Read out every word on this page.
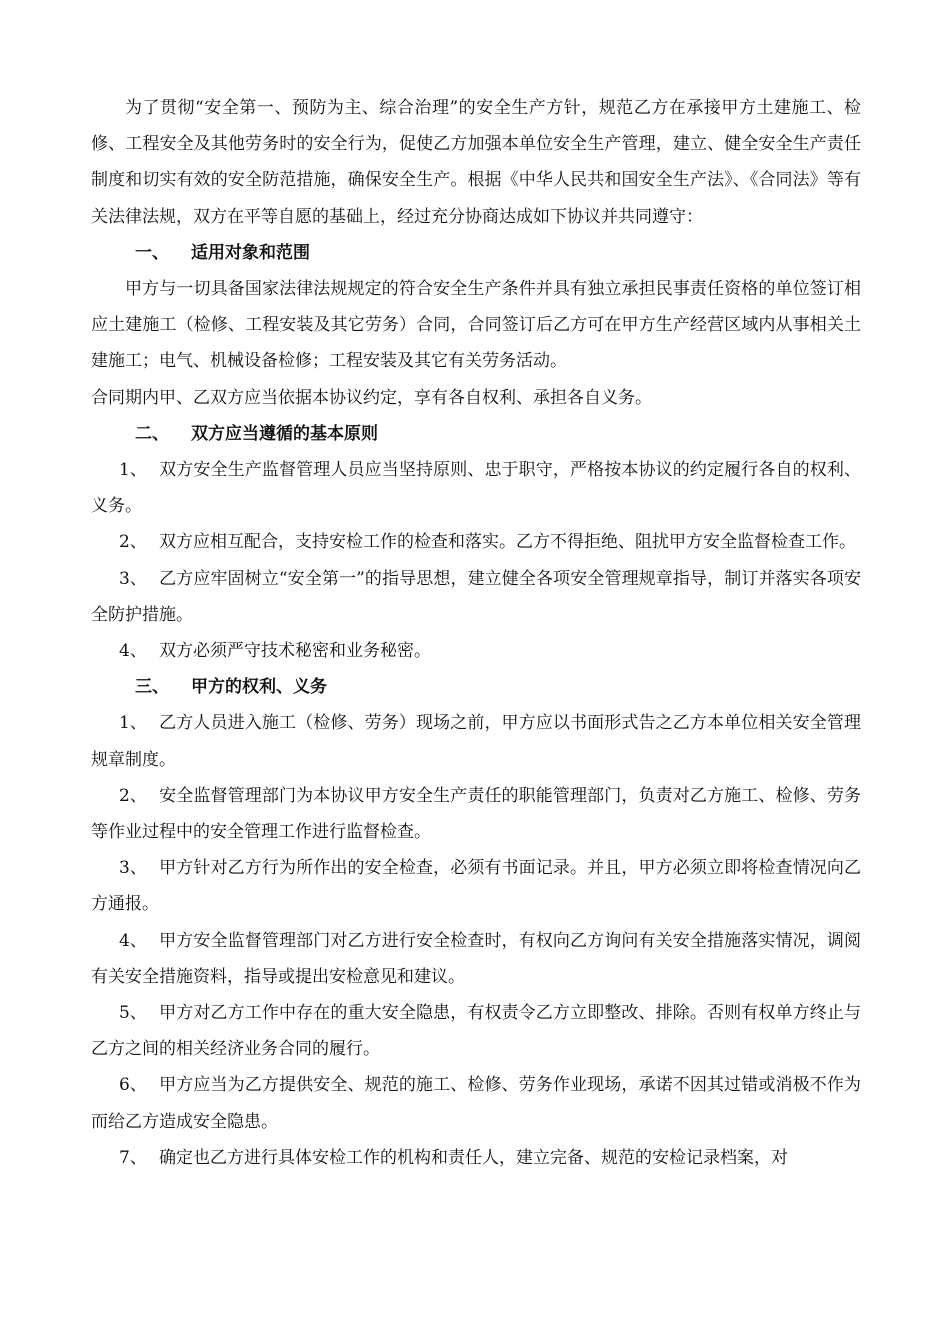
为了贯彻“安全第一、预防为主、综合治理”的安全生产方针，规范乙方在承接甲方土建施工、检修、工程安全及其他劳务时的安全行为，促使乙方加强本单位安全生产管理，建立、健全安全生产责任制度和切实有效的安全防范措施，确保安全生产。根据《中华人民共和国安全生产法》、《合同法》等有关法律法规，双方在平等自愿的基础上，经过充分协商达成如下协议并共同遵守：

一、 适用对象和范围

甲方与一切具备国家法律法规规定的符合安全生产条件并具有独立承担民事责任资格的单位签订相应土建施工（检修、工程安装及其它劳务）合同，合同签订后乙方可在甲方生产经营区域内从事相关土建施工；电气、机械设备检修；工程安装及其它有关劳务活动。

合同期内甲、乙双方应当依据本协议约定，享有各自权利、承担各自义务。

二、 双方应当遵循的基本原则

1、 双方安全生产监督管理人员应当坚持原则、忠于职守，严格按本协议的约定履行各自的权利、义务。

2、 双方应相互配合，支持安检工作的检查和落实。乙方不得拒绝、阻扰甲方安全监督检查工作。

3、 乙方应牢固树立“安全第一”的指导思想，建立健全各项安全管理规章指导，制订并落实各项安全防护措施。

4、 双方必须严守技术秘密和业务秘密。

三、 甲方的权利、义务

1、 乙方人员进入施工（检修、劳务）现场之前，甲方应以书面形式告之乙方本单位相关安全管理规章制度。

2、 安全监督管理部门为本协议甲方安全生产责任的职能管理部门，负责对乙方施工、检修、劳务等作业过程中的安全管理工作进行监督检查。

3、 甲方针对乙方行为所作出的安全检查，必须有书面记录。并且，甲方必须立即将检查情况向乙方通报。

4、 甲方安全监督管理部门对乙方进行安全检查时，有权向乙方询问有关安全措施落实情况，调阅有关安全措施资料，指导或提出安检意见和建议。

5、 甲方对乙方工作中存在的重大安全隐患，有权责令乙方立即整改、排除。否则有权单方终止与乙方之间的相关经济业务合同的履行。

6、 甲方应当为乙方提供安全、规范的施工、检修、劳务作业现场，承诺不因其过错或消极不作为而给乙方造成安全隐患。

7、 确定也乙方进行具体安检工作的机构和责任人，建立完备、规范的安检记录档案，对
